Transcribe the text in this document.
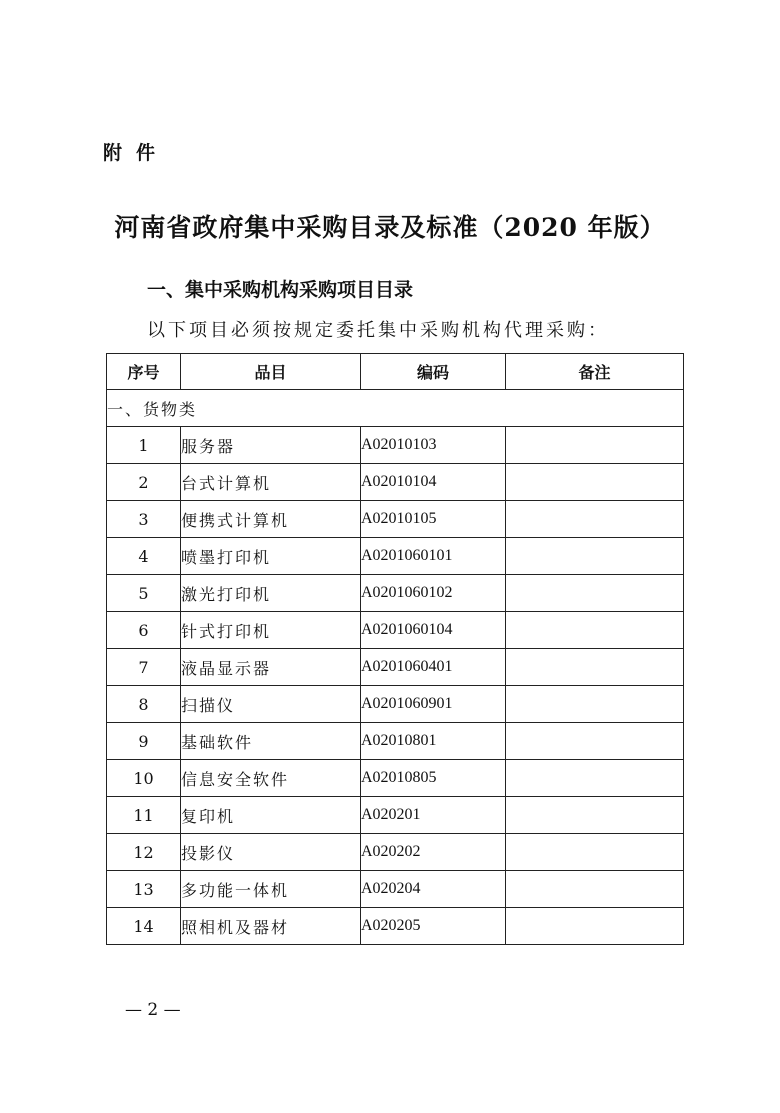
附件
河南省政府集中采购目录及标准（2020 年版）
一、集中采购机构采购项目目录
以下项目必须按规定委托集中采购机构代理采购：
序号	品目	编码	备注
一、货物类			
1	服务器	A02010103	
2	台式计算机	A02010104	
3	便携式计算机	A02010105	
4	喷墨打印机	A0201060101	
5	激光打印机	A0201060102	
6	针式打印机	A0201060104	
7	液晶显示器	A0201060401	
8	扫描仪	A0201060901	
9	基础软件	A02010801	
10	信息安全软件	A02010805	
11	复印机	A020201	
12	投影仪	A020202	
13	多功能一体机	A020204	
14	照相机及器材	A020205	
— 2 —
